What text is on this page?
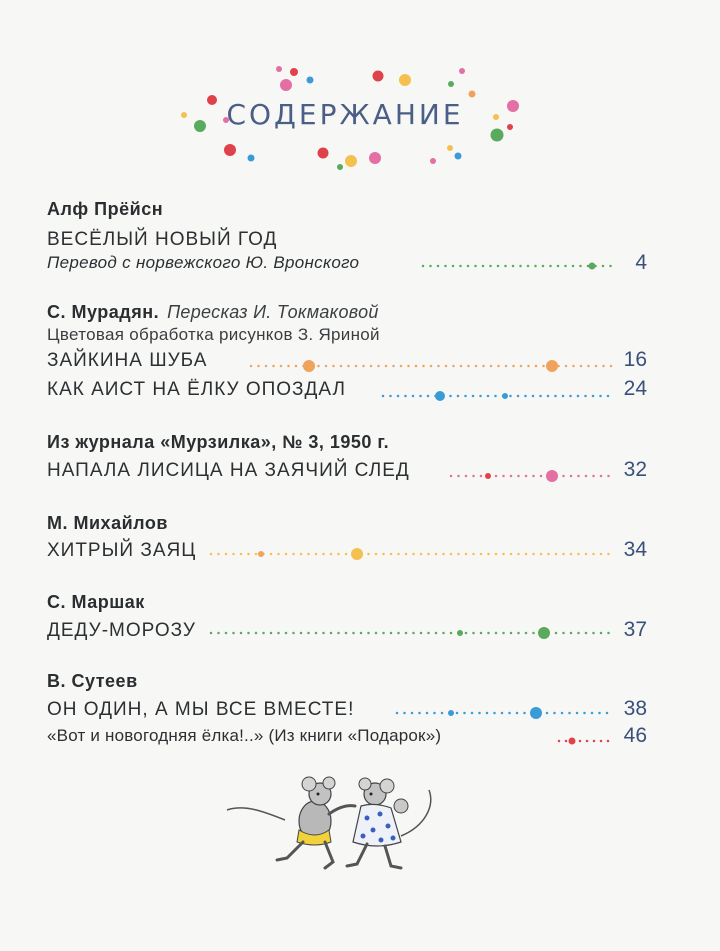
СОДЕРЖАНИЕ
Алф Прёйсн
ВЕСЁЛЫЙ НОВЫЙ ГОД
Перевод с норвежского Ю. Вронского	4
С. Мурадян. Пересказ И. Токмаковой
Цветовая обработка рисунков З. Яриной
ЗАЙКИНА ШУБА	16
КАК АИСТ НА ЁЛКУ ОПОЗДАЛ	24
Из журнала «Мурзилка», № 3, 1950 г.
НАПАЛА ЛИСИЦА НА ЗАЯЧИЙ СЛЕД	32
М. Михайлов
ХИТРЫЙ ЗАЯЦ	34
С. Маршак
ДЕДУ-МОРОЗУ	37
В. Сутеев
ОН ОДИН, А МЫ ВСЕ ВМЕСТЕ!	38
«Вот и новогодняя ёлка!..» (Из книги «Подарок»)	46
